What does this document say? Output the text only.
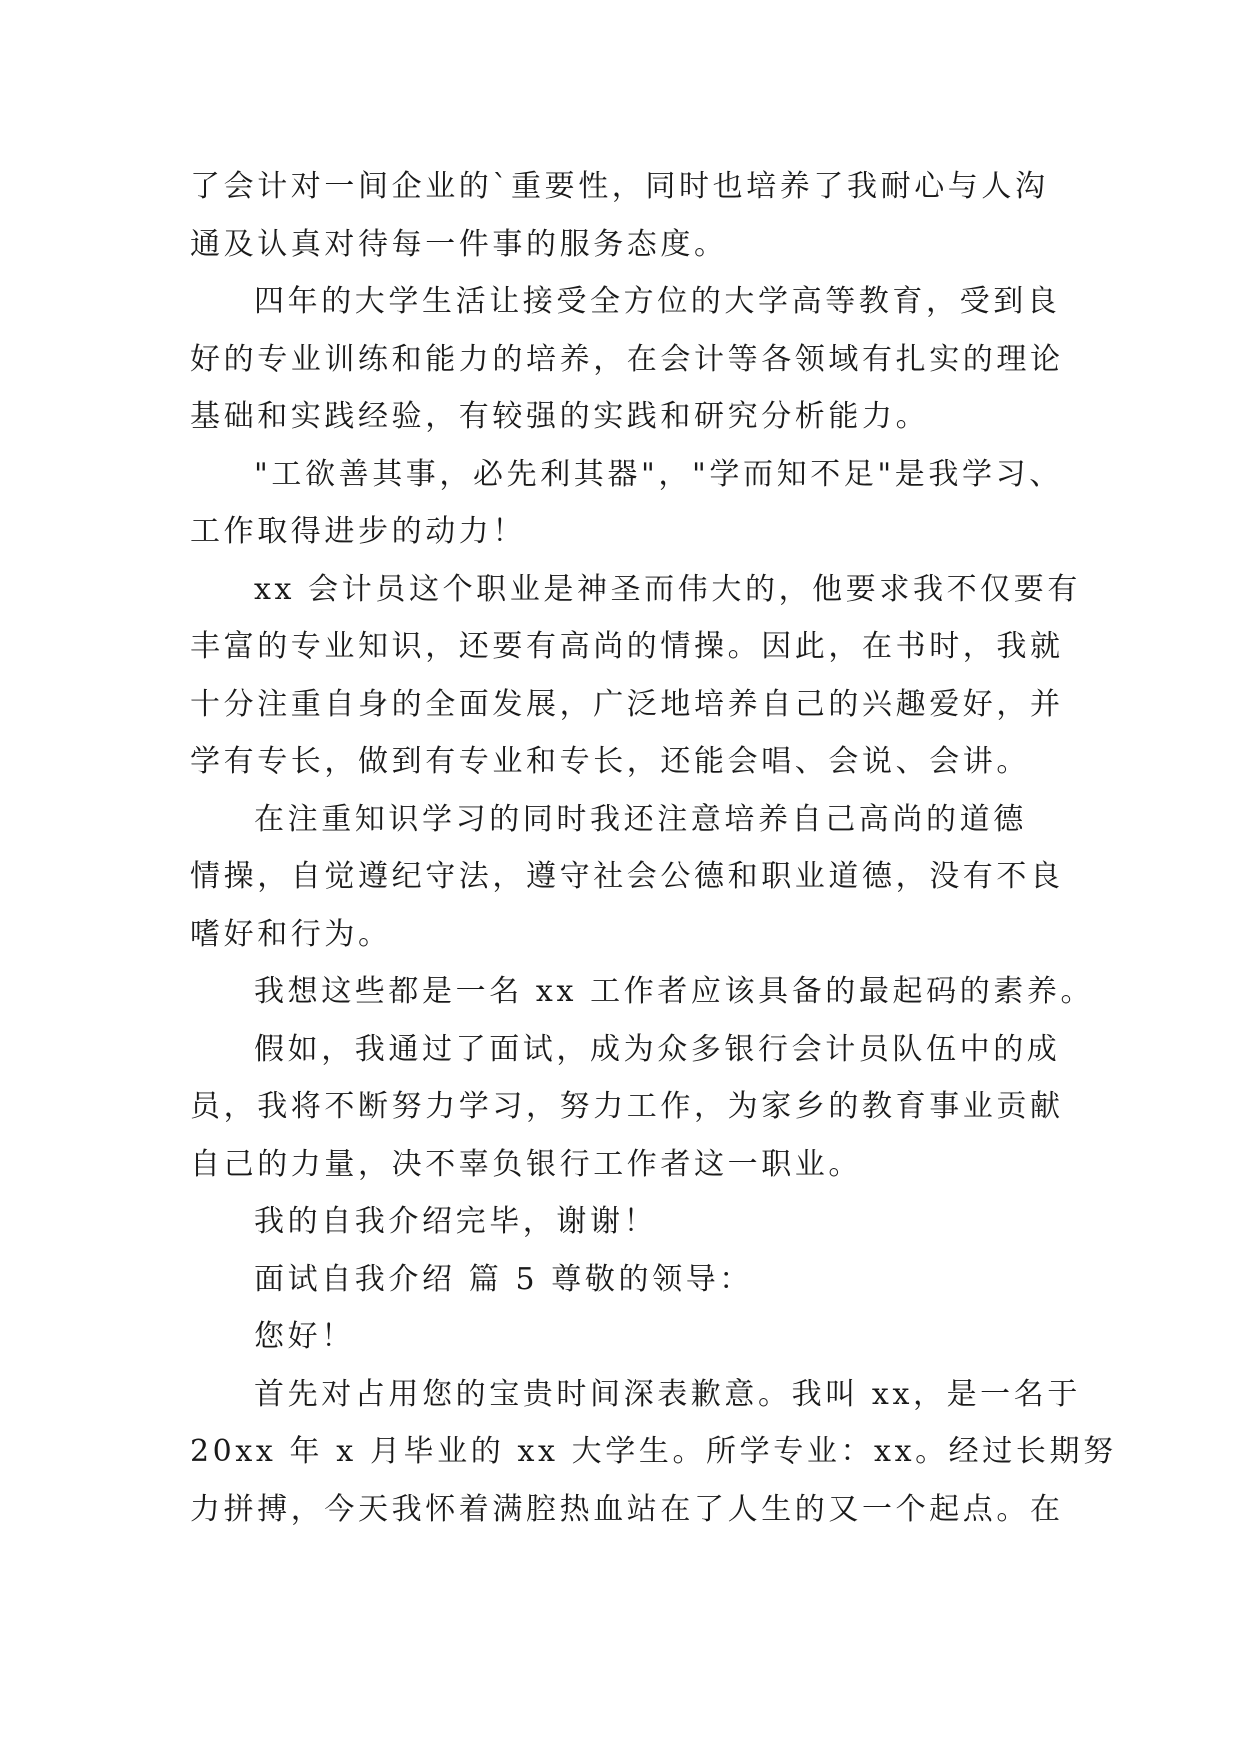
了会计对一间企业的`重要性，同时也培养了我耐心与人沟
通及认真对待每一件事的服务态度。
四年的大学生活让接受全方位的大学高等教育，受到良
好的专业训练和能力的培养，在会计等各领域有扎实的理论
基础和实践经验，有较强的实践和研究分析能力。
"工欲善其事，必先利其器"，"学而知不足"是我学习、
工作取得进步的动力！
xx 会计员这个职业是神圣而伟大的，他要求我不仅要有
丰富的专业知识，还要有高尚的情操。因此，在书时，我就
十分注重自身的全面发展，广泛地培养自己的兴趣爱好，并
学有专长，做到有专业和专长，还能会唱、会说、会讲。
在注重知识学习的同时我还注意培养自己高尚的道德
情操，自觉遵纪守法，遵守社会公德和职业道德，没有不良
嗜好和行为。
我想这些都是一名 xx 工作者应该具备的最起码的素养。
假如，我通过了面试，成为众多银行会计员队伍中的成
员，我将不断努力学习，努力工作，为家乡的教育事业贡献
自己的力量，决不辜负银行工作者这一职业。
我的自我介绍完毕，谢谢！
面试自我介绍 篇 5 尊敬的领导：
您好！
首先对占用您的宝贵时间深表歉意。我叫 xx，是一名于
20xx 年 x 月毕业的 xx 大学生。所学专业：xx。经过长期努
力拼搏，今天我怀着满腔热血站在了人生的又一个起点。在
